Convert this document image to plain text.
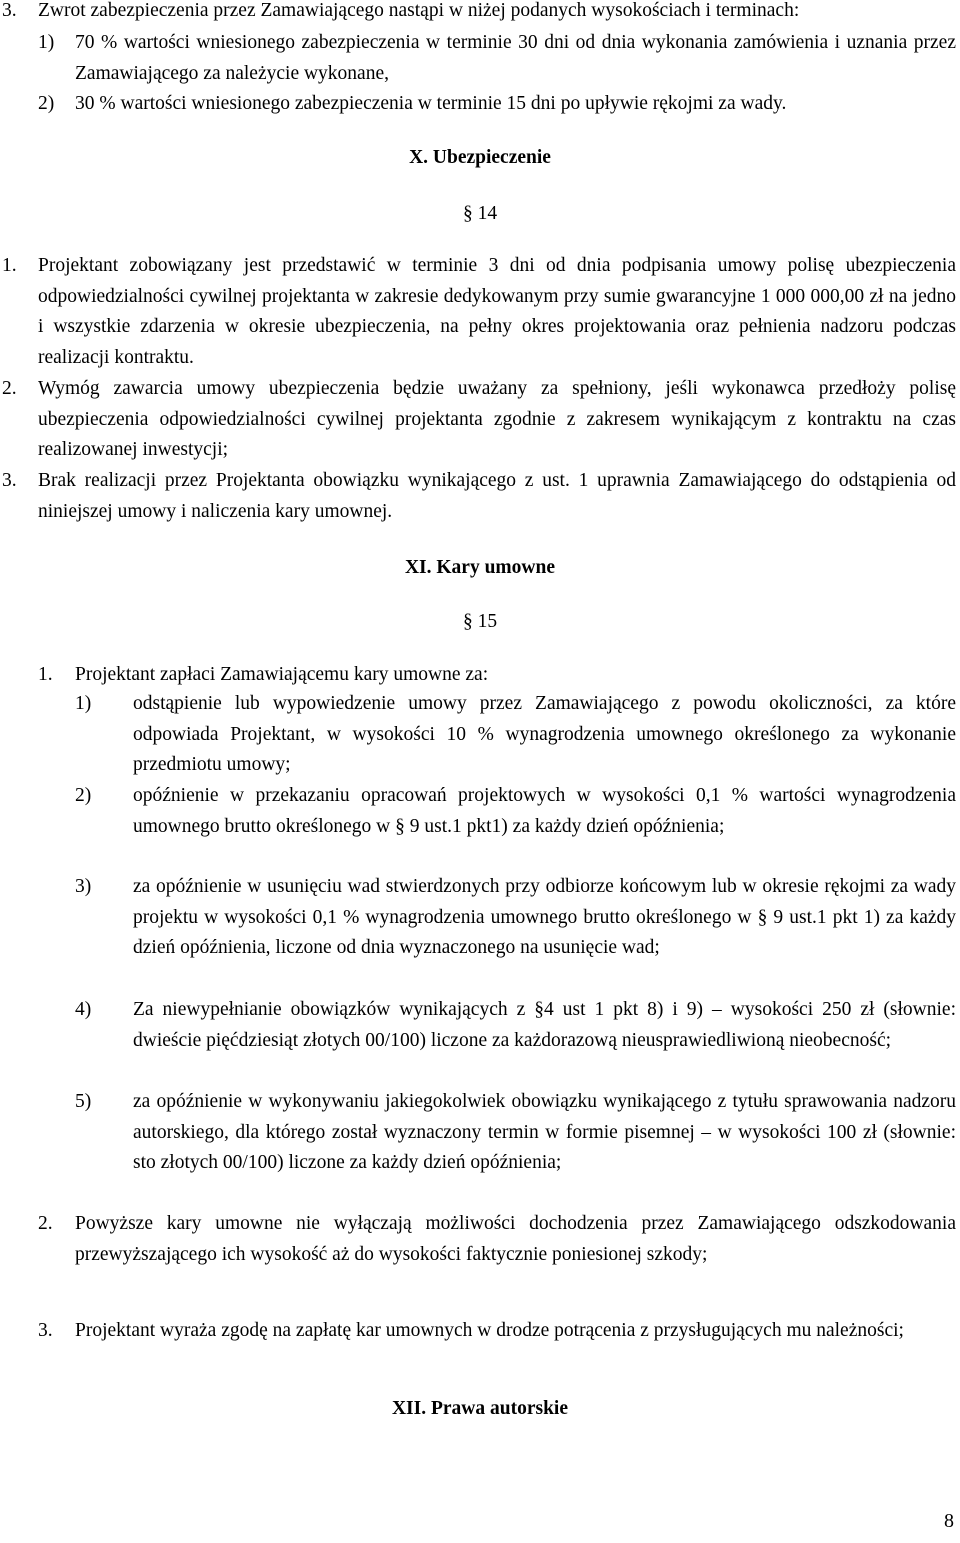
3. Zwrot zabezpieczenia przez Zamawiającego nastąpi w niżej podanych wysokościach i terminach:
1) 70 % wartości wniesionego zabezpieczenia w terminie 30 dni od dnia wykonania zamówienia i uznania przez Zamawiającego za należycie wykonane,
2) 30 % wartości wniesionego zabezpieczenia w terminie 15 dni po upływie rękojmi za wady.
X. Ubezpieczenie
§ 14
1. Projektant zobowiązany jest przedstawić w terminie 3 dni od dnia podpisania umowy polisę ubezpieczenia odpowiedzialności cywilnej projektanta w zakresie dedykowanym przy sumie gwarancyjne 1 000 000,00 zł na jedno i wszystkie zdarzenia w okresie ubezpieczenia, na pełny okres projektowania oraz pełnienia nadzoru podczas realizacji kontraktu.
2. Wymóg zawarcia umowy ubezpieczenia będzie uważany za spełniony, jeśli wykonawca przedłoży polisę ubezpieczenia odpowiedzialności cywilnej projektanta zgodnie z zakresem wynikającym z kontraktu na czas realizowanej inwestycji;
3. Brak realizacji przez Projektanta obowiązku wynikającego z ust. 1 uprawnia Zamawiającego do odstąpienia od niniejszej umowy i naliczenia kary umownej.
XI. Kary umowne
§ 15
1. Projektant zapłaci Zamawiającemu kary umowne za:
1) odstąpienie lub wypowiedzenie umowy przez Zamawiającego z powodu okoliczności, za które odpowiada Projektant, w wysokości 10 % wynagrodzenia umownego określonego za wykonanie przedmiotu umowy;
2) opóźnienie w przekazaniu opracowań projektowych w wysokości 0,1 % wartości wynagrodzenia umownego brutto określonego w § 9 ust.1 pkt1) za każdy dzień opóźnienia;
3) za opóźnienie w usunięciu wad stwierdzonych przy odbiorze końcowym lub w okresie rękojmi za wady projektu w wysokości 0,1 % wynagrodzenia umownego brutto określonego w § 9 ust.1 pkt 1) za każdy dzień opóźnienia, liczone od dnia wyznaczonego na usunięcie wad;
4) Za niewypełnianie obowiązków wynikających z §4 ust 1 pkt 8) i 9) – wysokości 250 zł (słownie: dwieście pięćdziesiąt złotych 00/100) liczone za każdorazową nieusprawiedliwioną nieobecność;
5) za opóźnienie w wykonywaniu jakiegokolwiek obowiązku wynikającego z tytułu sprawowania nadzoru autorskiego, dla którego został wyznaczony termin w formie pisemnej – w wysokości 100 zł (słownie: sto złotych 00/100) liczone za każdy dzień opóźnienia;
2. Powyższe kary umowne nie wyłączają możliwości dochodzenia przez Zamawiającego odszkodowania przewyższającego ich wysokość aż do wysokości faktycznie poniesionej szkody;
3. Projektant wyraża zgodę na zapłatę kar umownych w drodze potrącenia z przysługujących mu należności;
XII. Prawa autorskie
8
